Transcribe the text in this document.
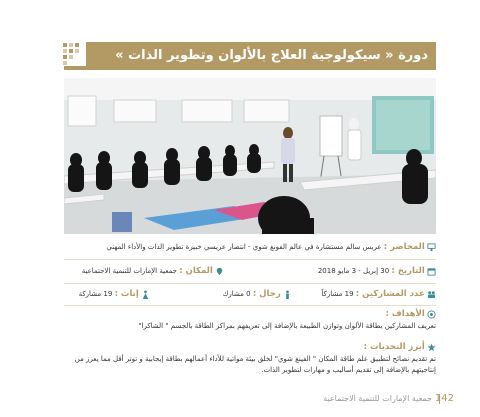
دورة « سيكولوجية العلاج بالألوان وتطوير الذات »
المحاضر : عريس سالم مستشارة في عالم الفونغ شوي - انتصار عريسي خبيرة تطوير الذات والأداء المهني
التاريخ : 30 إبريل - 3 مايو 2018
المكان : جمعية الإمارات للتنمية الاجتماعية
عدد المشاركين : 19 مشاركاً
رجال : 0 مشارك
إناث : 19 مشاركة
الأهداف :
تعريف المشاركين بطاقة الألوان وتوازن الطبيعة بالإضافة إلى تعريفهم بمراكز الطاقة بالجسم " الشاكرا"
أبرز التحديات :
تم تقديم نصائح لتطبيق علم طاقة المكان " الفينغ شوي" لخلق بيئة مواتية للأداء أعمالهم بطاقة إيجابية و توتر أقل مما يعزز من
إنتاجيتهم بالإضافة إلى تقديم أساليب و مهارات لتطوير الذات.
جمعية الإمارات للتنمية الاجتماعية 142
